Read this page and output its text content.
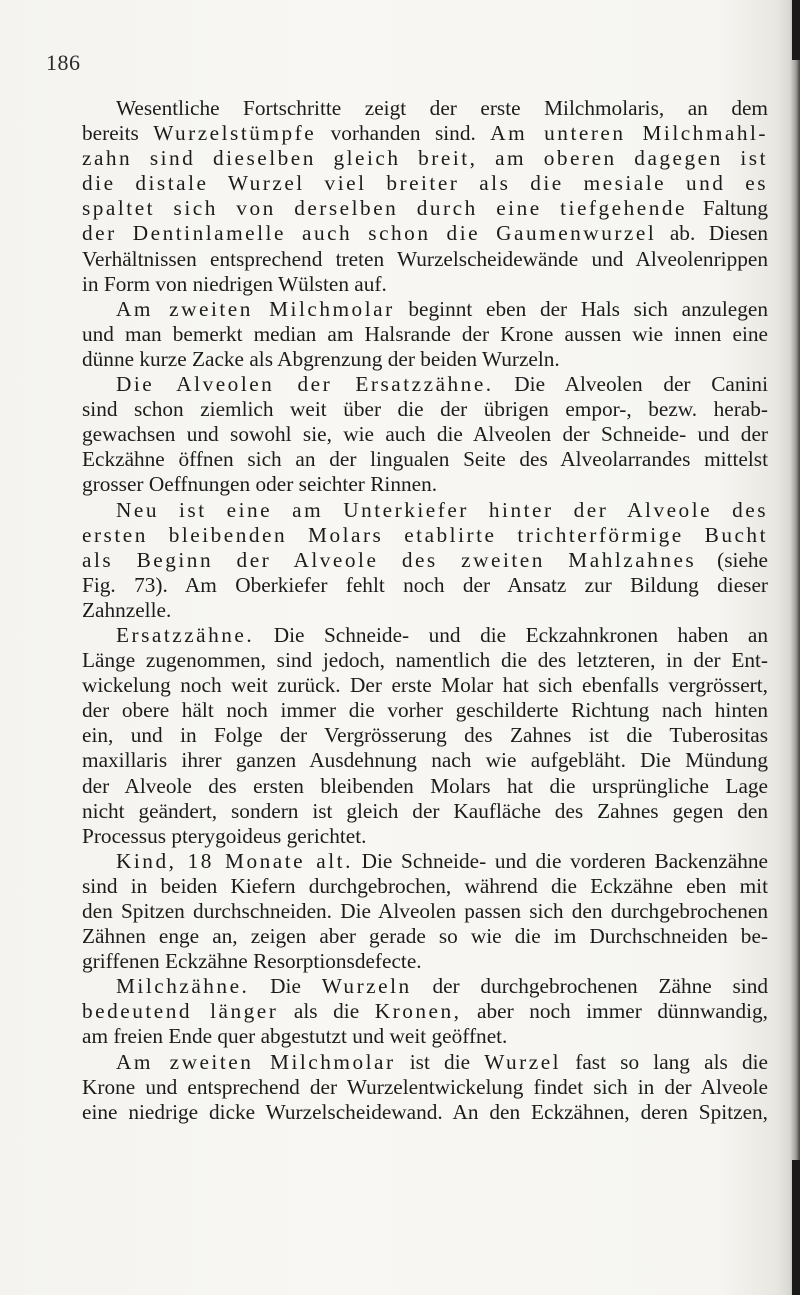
186
Wesentliche Fortschritte zeigt der erste Milchmolaris, an dem
bereits Wurzelstümpfe vorhanden sind. Am unteren Milchmahl-
zahn sind dieselben gleich breit, am oberen dagegen ist
die distale Wurzel viel breiter als die mesiale und es
spaltet sich von derselben durch eine tiefgehende Faltung
der Dentinlamelle auch schon die Gaumenwurzel ab. Diesen
Verhältnissen entsprechend treten Wurzelscheidewände und Alveolenrippen
in Form von niedrigen Wülsten auf.
Am zweiten Milchmolar beginnt eben der Hals sich anzulegen
und man bemerkt median am Halsrande der Krone aussen wie innen eine
dünne kurze Zacke als Abgrenzung der beiden Wurzeln.
Die Alveolen der Ersatzzähne. Die Alveolen der Canini
sind schon ziemlich weit über die der übrigen empor-, bezw. herab-
gewachsen und sowohl sie, wie auch die Alveolen der Schneide- und der
Eckzähne öffnen sich an der lingualen Seite des Alveolarrandes mittelst
grosser Oeffnungen oder seichter Rinnen.
Neu ist eine am Unterkiefer hinter der Alveole des
ersten bleibenden Molars etablirte trichterförmige Bucht
als Beginn der Alveole des zweiten Mahlzahnes (siehe
Fig. 73). Am Oberkiefer fehlt noch der Ansatz zur Bildung dieser
Zahnzelle.
Ersatzzähne. Die Schneide- und die Eckzahnkronen haben an
Länge zugenommen, sind jedoch, namentlich die des letzteren, in der Ent-
wickelung noch weit zurück. Der erste Molar hat sich ebenfalls vergrössert,
der obere hält noch immer die vorher geschilderte Richtung nach hinten
ein, und in Folge der Vergrösserung des Zahnes ist die Tuberositas
maxillaris ihrer ganzen Ausdehnung nach wie aufgebläht. Die Mündung
der Alveole des ersten bleibenden Molars hat die ursprüngliche Lage
nicht geändert, sondern ist gleich der Kaufläche des Zahnes gegen den
Processus pterygoideus gerichtet.
Kind, 18 Monate alt. Die Schneide- und die vorderen Backenzähne
sind in beiden Kiefern durchgebrochen, während die Eckzähne eben mit
den Spitzen durchschneiden. Die Alveolen passen sich den durchgebrochenen
Zähnen enge an, zeigen aber gerade so wie die im Durchschneiden be-
griffenen Eckzähne Resorptionsdefecte.
Milchzähne. Die Wurzeln der durchgebrochenen Zähne sind
bedeutend länger als die Kronen, aber noch immer dünnwandig,
am freien Ende quer abgestutzt und weit geöffnet.
Am zweiten Milchmolar ist die Wurzel fast so lang als die
Krone und entsprechend der Wurzelentwickelung findet sich in der Alveole
eine niedrige dicke Wurzelscheidewand. An den Eckzähnen, deren Spitzen,
